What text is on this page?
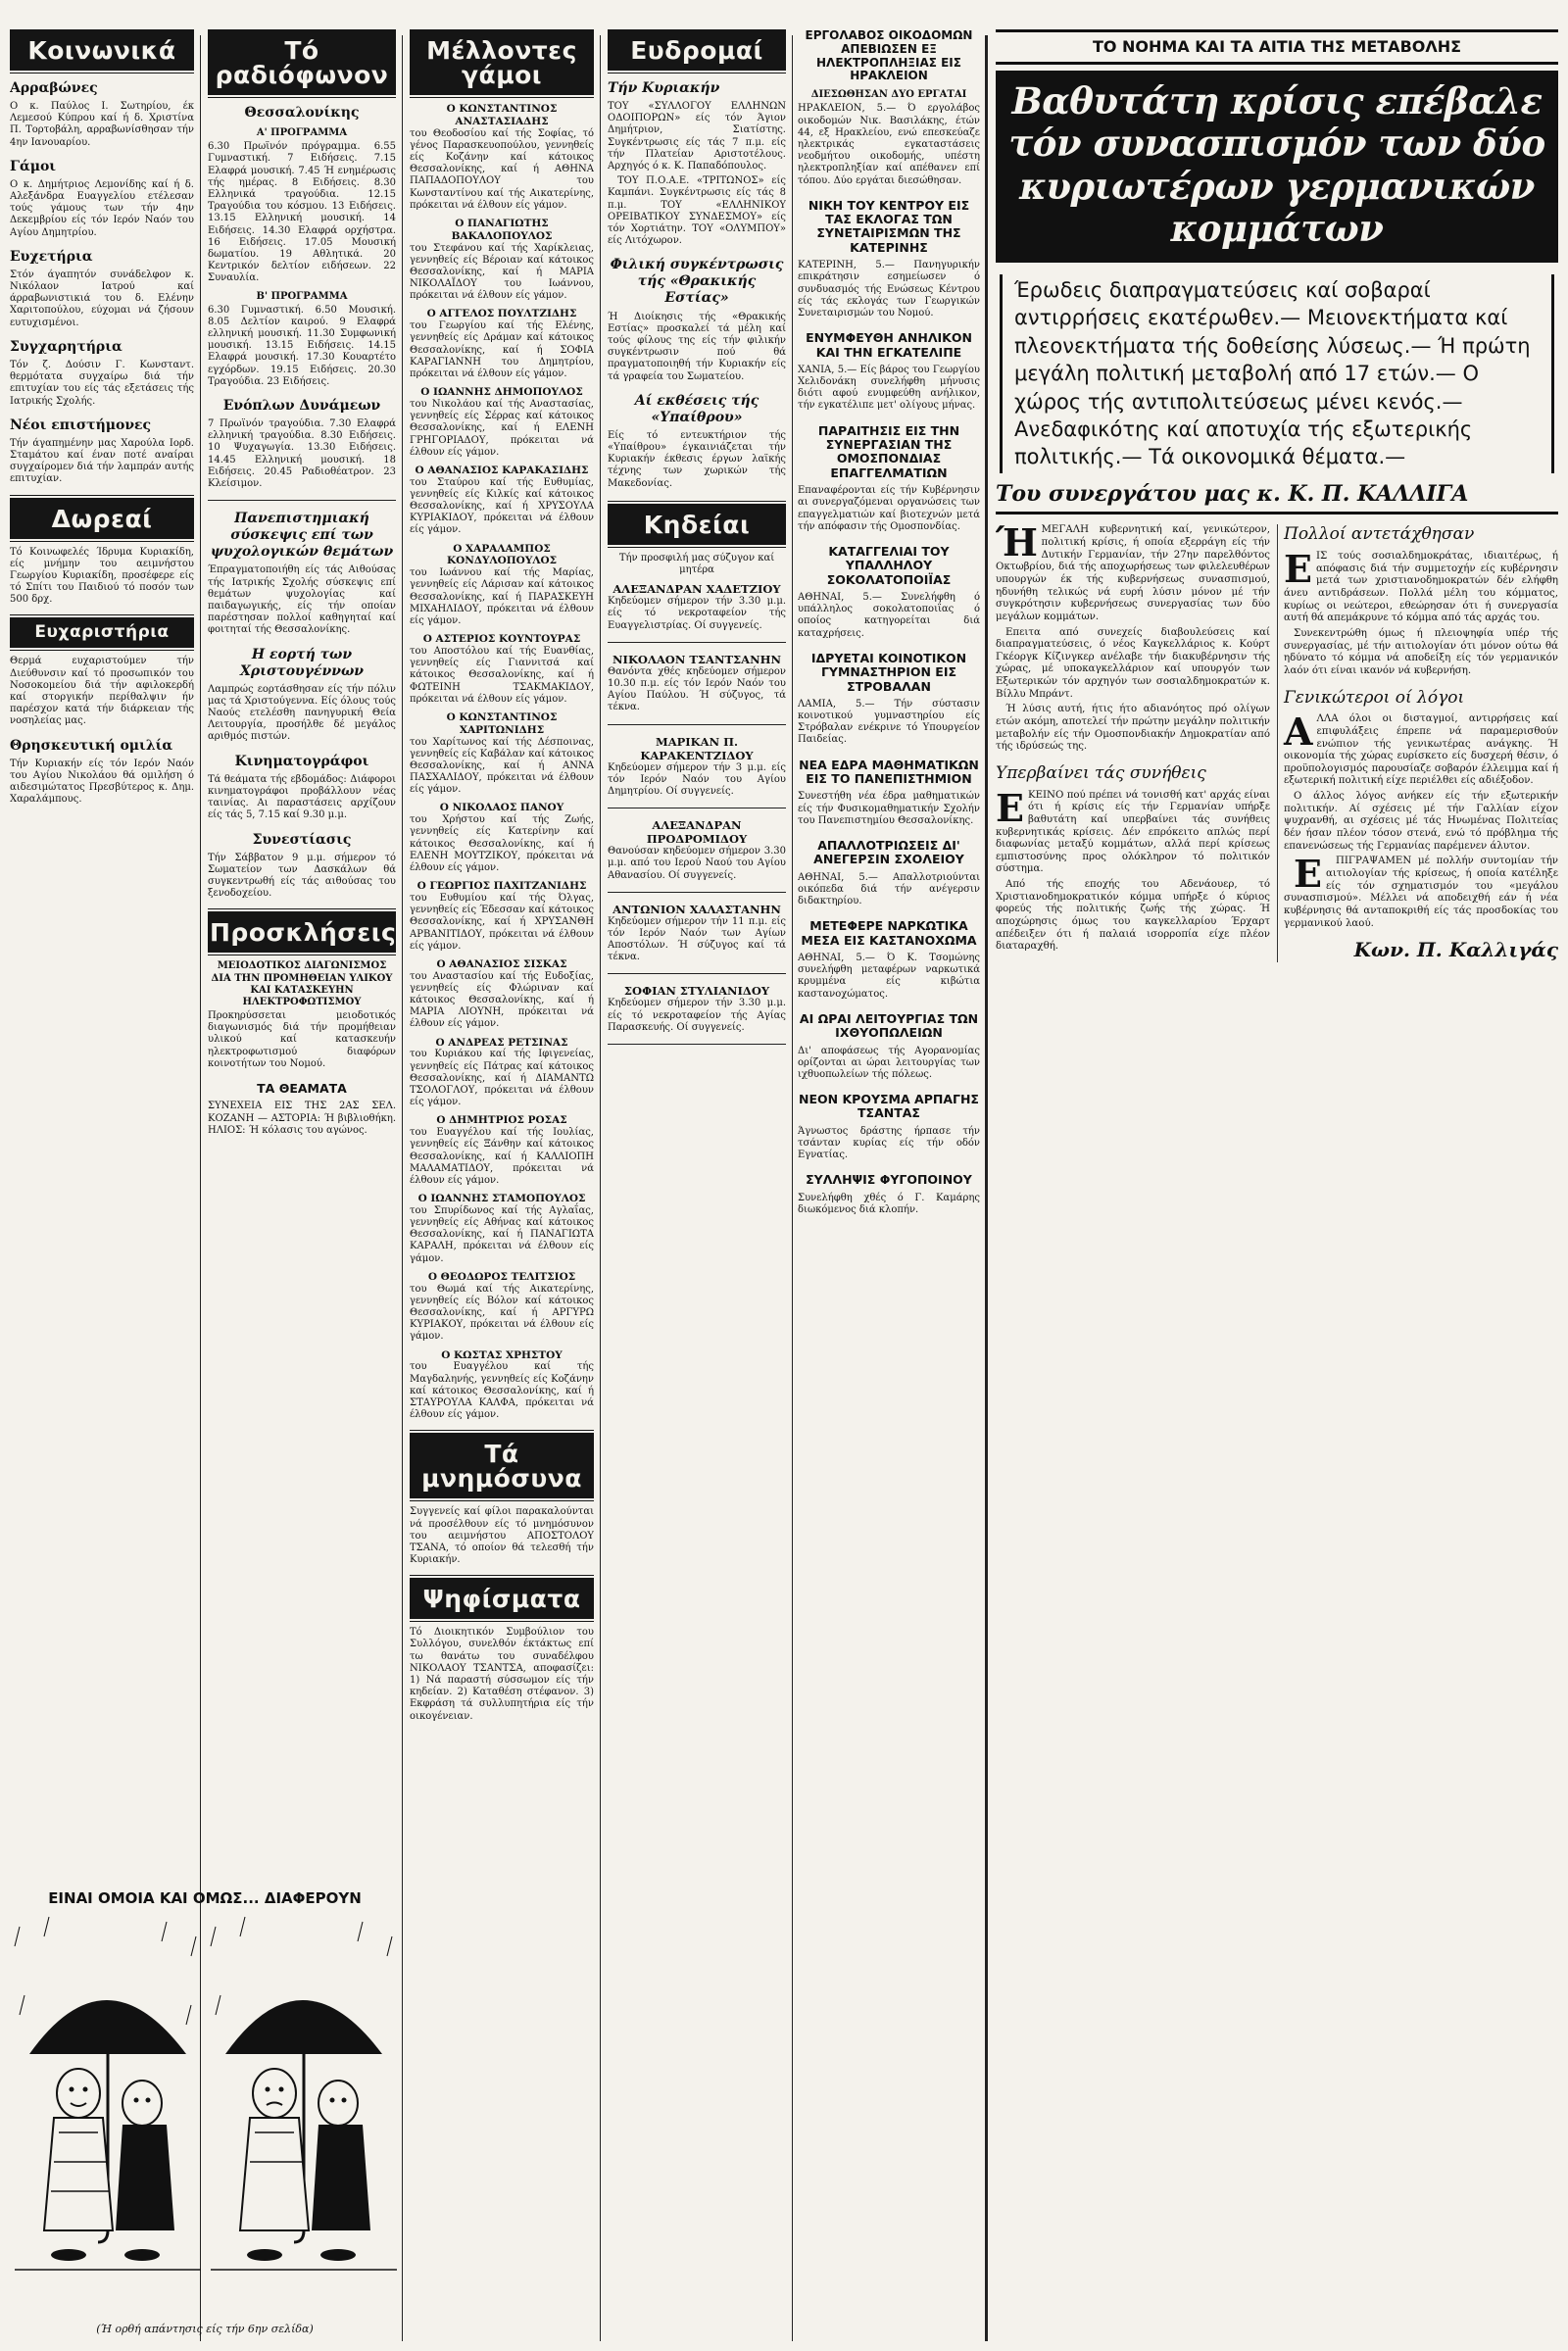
Κοινωνικά
Αρραβώνες

Ο κ. Παύλος Ι. Σωτηρίου, έκ Λεμεσού Κύπρου καί ή δ. Χριστίνα Π. Τορτοβάλη, αρραβωνίσθησαν τήν 4ην Ιανουαρίου.

Γάμοι

Ο κ. Δημήτριος Λεμονίδης καί ή δ. Αλεξάνδρα Ευαγγελίου ετέλεσαν τούς γάμους των τήν 4ην Δεκεμβρίου είς τόν Ιερόν Ναόν του Αγίου Δημητρίου.

Ευχετήρια

Στόν άγαπητόν συνάδελφον κ. Νικόλαον Ιατρού καί άρραβωνιστικιά του δ. Ελένην Χαριτοπούλου, εύχομαι νά ζήσουν ευτυχισμένοι.

Συγχαρητήρια

Τόν ζ. Δούσιν Γ. Κωνσταντ. θερμότατα συγχαίρω διά τήν επιτυχίαν του είς τάς εξετάσεις τής Ιατρικής Σχολής.

Νέοι επιστήμονες

Τήν άγαπημένην μας Χαρούλα Ιορδ. Σταμάτου καί έναν ποτέ αναίραι συγχαίρομεν διά τήν λαμπράν αυτής επιτυχίαν.

Δωρεαί

Τό Κοινωφελές Ίδρυμα Κυριακίδη, είς μνήμην του αειμνήστου Γεωργίου Κυριακίδη, προσέφερε είς τό Σπίτι του Παιδιού τό ποσόν των 500 δρχ.

Ευχαριστήρια

Θερμά ευχαριστούμεν τήν Διεύθυνσιν καί τό προσωπικόν του Νοσοκομείου διά τήν αφιλοκερδή καί στοργικήν περίθαλψιν ήν παρέσχον κατά τήν διάρκειαν τής νοσηλείας μας.

Θρησκευτική ομιλία

Τήν Κυριακήν είς τόν Ιερόν Ναόν του Αγίου Νικολάου θά ομιλήση ό αιδεσιμώτατος Πρεσβύτερος κ. Δημ. Χαραλάμπους.

Τό ραδιόφωνον
Θεσσαλονίκης
Α' ΠΡΟΓΡΑΜΜΑ

6.30 Πρωϊνόν πρόγραμμα. 6.55 Γυμναστική. 7 Ειδήσεις. 7.15 Ελαφρά μουσική. 7.45 Ή ενημέρωσις τής ημέρας. 8 Ειδήσεις. 8.30 Ελληνικά τραγούδια. 12.15 Τραγούδια του κόσμου. 13 Ειδήσεις. 13.15 Ελληνική μουσική. 14 Ειδήσεις. 14.30 Ελαφρά ορχήστρα. 16 Ειδήσεις. 17.05 Μουσική δωματίου. 19 Αθλητικά. 20 Κεντρικόν δελτίον ειδήσεων. 22 Συναυλία.

Β' ΠΡΟΓΡΑΜΜΑ

6.30 Γυμναστική. 6.50 Μουσική. 8.05 Δελτίον καιρού. 9 Ελαφρά ελληνική μουσική. 11.30 Συμφωνική μουσική. 13.15 Ειδήσεις. 14.15 Ελαφρά μουσική. 17.30 Κουαρτέτο εγχόρδων. 19.15 Ειδήσεις. 20.30 Τραγούδια. 23 Ειδήσεις.

Ενόπλων Δυνάμεων

7 Πρωϊνόν τραγούδια. 7.30 Ελαφρά ελληνική τραγούδια. 8.30 Ειδήσεις. 10 Ψυχαγωγία. 13.30 Ειδήσεις. 14.45 Ελληνική μουσική. 18 Ειδήσεις. 20.45 Ραδιοθέατρον. 23 Κλείσιμον.

Πανεπιστημιακή σύσκεψις επί των ψυχολογικών θεμάτων

Έπραγματοποιήθη είς τάς Αιθούσας τής Ιατρικής Σχολής σύσκεψις επί θεμάτων ψυχολογίας καί παιδαγωγικής, είς τήν οποίαν παρέστησαν πολλοί καθηγηταί καί φοιτηταί τής Θεσσαλονίκης.

Η εορτή των Χριστουγέννων

Λαμπρώς εορτάσθησαν είς τήν πόλιν μας τά Χριστούγεννα. Είς όλους τούς Ναούς ετελέσθη πανηγυρική Θεία Λειτουργία, προσήλθε δέ μεγάλος αριθμός πιστών.

Κινηματογράφοι

Τά θεάματα τής εβδομάδος: Διάφοροι κινηματογράφοι προβάλλουν νέας ταινίας. Αι παραστάσεις αρχίζουν είς τάς 5, 7.15 καί 9.30 μ.μ.

Συνεστίασις

Τήν Σάββατον 9 μ.μ. σήμερον τό Σωματείον των Δασκάλων θά συγκεντρωθή είς τάς αιθούσας του ξενοδοχείου.

Προσκλήσεις
ΜΕΙΟΔΟΤΙΚΟΣ ΔΙΑΓΩΝΙΣΜΟΣ ΔΙΑ ΤΗΝ ΠΡΟΜΗΘΕΙΑΝ ΥΛΙΚΟΥ ΚΑΙ ΚΑΤΑΣΚΕΥΗΝ ΗΛΕΚΤΡΟΦΩΤΙΣΜΟΥ

Προκηρύσσεται μειοδοτικός διαγωνισμός διά τήν προμήθειαν υλικού καί κατασκευήν ηλεκτροφωτισμού διαφόρων κοινοτήτων του Νομού.

ΤΑ ΘΕΑΜΑΤΑ

ΣΥΝΕΧΕΙΑ ΕΙΣ ΤΗΣ 2ΑΣ ΣΕΛ. ΚΟΖΑΝΗ — ΑΣΤΟΡΙΑ: Ή βιβλιοθήκη. ΗΛΙΟΣ: Ή κόλασις του αγώνος.

ΕΙΝΑΙ ΟΜΟΙΑ ΚΑΙ ΟΜΩΣ... ΔΙΑΦΕΡΟΥΝ
(Ή ορθή απάντησις είς τήν 6ην σελίδα)
Μέλλοντες γάμοι
Ο ΚΩΝΣΤΑΝΤΙΝΟΣ ΑΝΑΣΤΑΣΙΑΔΗΣ

του Θεοδοσίου καί τής Σοφίας, τό γένος Παρασκευοπούλου, γεννηθείς είς Κοζάνην καί κάτοικος Θεσσαλονίκης, καί ή ΑΘΗΝΑ ΠΑΠΑΔΟΠΟΥΛΟΥ του Κωνσταντίνου καί τής Αικατερίνης, πρόκειται νά έλθουν είς γάμον.

Ο ΠΑΝΑΓΙΩΤΗΣ ΒΑΚΑΛΟΠΟΥΛΟΣ

του Στεφάνου καί τής Χαρίκλειας, γεννηθείς είς Βέροιαν καί κάτοικος Θεσσαλονίκης, καί ή ΜΑΡΙΑ ΝΙΚΟΛΑΪΔΟΥ του Ιωάννου, πρόκειται νά έλθουν είς γάμον.

Ο ΑΓΓΕΛΟΣ ΠΟΥΛΤΖΙΔΗΣ

του Γεωργίου καί τής Ελένης, γεννηθείς είς Δράμαν καί κάτοικος Θεσσαλονίκης, καί ή ΣΟΦΙΑ ΚΑΡΑΓΙΑΝΝΗ του Δημητρίου, πρόκειται νά έλθουν είς γάμον.

Ο ΙΩΑΝΝΗΣ ΔΗΜΟΠΟΥΛΟΣ

του Νικολάου καί τής Αναστασίας, γεννηθείς είς Σέρρας καί κάτοικος Θεσσαλονίκης, καί ή ΕΛΕΝΗ ΓΡΗΓΟΡΙΑΔΟΥ, πρόκειται νά έλθουν είς γάμον.

Ο ΑΘΑΝΑΣΙΟΣ ΚΑΡΑΚΑΣΙΔΗΣ

του Σταύρου καί τής Ευθυμίας, γεννηθείς είς Κιλκίς καί κάτοικος Θεσσαλονίκης, καί ή ΧΡΥΣΟΥΛΑ ΚΥΡΙΑΚΙΔΟΥ, πρόκειται νά έλθουν είς γάμον.

Ο ΧΑΡΑΛΑΜΠΟΣ ΚΟΝΔΥΛΟΠΟΥΛΟΣ

του Ιωάννου καί τής Μαρίας, γεννηθείς είς Λάρισαν καί κάτοικος Θεσσαλονίκης, καί ή ΠΑΡΑΣΚΕΥΗ ΜΙΧΑΗΛΙΔΟΥ, πρόκειται νά έλθουν είς γάμον.

Ο ΑΣΤΕΡΙΟΣ ΚΟΥΝΤΟΥΡΑΣ

του Αποστόλου καί τής Ευανθίας, γεννηθείς είς Γιαννιτσά καί κάτοικος Θεσσαλονίκης, καί ή ΦΩΤΕΙΝΗ ΤΣΑΚΜΑΚΙΔΟΥ, πρόκειται νά έλθουν είς γάμον.

Ο ΚΩΝΣΤΑΝΤΙΝΟΣ ΧΑΡΙΤΩΝΙΔΗΣ

του Χαρίτωνος καί τής Δέσποινας, γεννηθείς είς Καβάλαν καί κάτοικος Θεσσαλονίκης, καί ή ΑΝΝΑ ΠΑΣΧΑΛΙΔΟΥ, πρόκειται νά έλθουν είς γάμον.

Ο ΝΙΚΟΛΑΟΣ ΠΑΝΟΥ

του Χρήστου καί τής Ζωής, γεννηθείς είς Κατερίνην καί κάτοικος Θεσσαλονίκης, καί ή ΕΛΕΝΗ ΜΟΥΤΖΙΚΟΥ, πρόκειται νά έλθουν είς γάμον.

Ο ΓΕΩΡΓΙΟΣ ΠΑΧΙΤΖΑΝΙΔΗΣ

του Ευθυμίου καί τής Όλγας, γεννηθείς είς Έδεσσαν καί κάτοικος Θεσσαλονίκης, καί ή ΧΡΥΣΑΝΘΗ ΑΡΒΑΝΙΤΙΔΟΥ, πρόκειται νά έλθουν είς γάμον.

Ο ΑΘΑΝΑΣΙΟΣ ΣΙΣΚΑΣ

του Αναστασίου καί τής Ευδοξίας, γεννηθείς είς Φλώριναν καί κάτοικος Θεσσαλονίκης, καί ή ΜΑΡΙΑ ΛΙΟΥΝΗ, πρόκειται νά έλθουν είς γάμον.

Ο ΑΝΔΡΕΑΣ ΡΕΤΣΙΝΑΣ

του Κυριάκου καί τής Ιφιγενείας, γεννηθείς είς Πάτρας καί κάτοικος Θεσσαλονίκης, καί ή ΔΙΑΜΑΝΤΩ ΤΣΟΛΟΓΛΟΥ, πρόκειται νά έλθουν είς γάμον.

Ο ΔΗΜΗΤΡΙΟΣ ΡΟΣΑΣ

του Ευαγγέλου καί τής Ιουλίας, γεννηθείς είς Ξάνθην καί κάτοικος Θεσσαλονίκης, καί ή ΚΑΛΛΙΟΠΗ ΜΑΛΑΜΑΤΙΔΟΥ, πρόκειται νά έλθουν είς γάμον.

Ο ΙΩΑΝΝΗΣ ΣΤΑΜΟΠΟΥΛΟΣ

του Σπυρίδωνος καί τής Αγλαΐας, γεννηθείς είς Αθήνας καί κάτοικος Θεσσαλονίκης, καί ή ΠΑΝΑΓΙΩΤΑ ΚΑΡΑΛΗ, πρόκειται νά έλθουν είς γάμον.

Ο ΘΕΟΔΩΡΟΣ ΤΕΛΙΤΣΙΟΣ

του Θωμά καί τής Αικατερίνης, γεννηθείς είς Βόλον καί κάτοικος Θεσσαλονίκης, καί ή ΑΡΓΥΡΩ ΚΥΡΙΑΚΟΥ, πρόκειται νά έλθουν είς γάμον.

Ο ΚΩΣΤΑΣ ΧΡΗΣΤΟΥ

του Ευαγγέλου καί τής Μαγδαληνής, γεννηθείς είς Κοζάνην καί κάτοικος Θεσσαλονίκης, καί ή ΣΤΑΥΡΟΥΛΑ ΚΑΛΦΑ, πρόκειται νά έλθουν είς γάμον.

Τά μνημόσυνα

Συγγενείς καί φίλοι παρακαλούνται νά προσέλθουν είς τό μνημόσυνον του αειμνήστου ΑΠΟΣΤΟΛΟΥ ΤΣΑΝΑ, τό οποίον θά τελεσθή τήν Κυριακήν.

Ψηφίσματα

Τό Διοικητικόν Συμβούλιον του Συλλόγου, συνελθόν έκτάκτως επί τω θανάτω του συναδέλφου ΝΙΚΟΛΑΟΥ ΤΣΑΝΤΣΑ, αποφασίζει: 1) Νά παραστή σύσσωμον είς τήν κηδείαν. 2) Καταθέση στέφανον. 3) Εκφράση τά συλλυπητήρια είς τήν οικογένειαν.

Ευδρομαί
Τήν Κυριακήν

ΤΟΥ «ΣΥΛΛΟΓΟΥ ΕΛΛΗΝΩΝ ΟΔΟΙΠΟΡΩΝ» είς τόν Άγιον Δημήτριον, Σιατίστης. Συγκέντρωσις είς τάς 7 π.μ. είς τήν Πλατείαν Αριστοτέλους. Αρχηγός ό κ. Κ. Παπαδόπουλος.

ΤΟΥ Π.Ο.Α.Ε. «ΤΡΙΤΩΝΟΣ» είς Καμπάνι. Συγκέντρωσις είς τάς 8 π.μ. ΤΟΥ «ΕΛΛΗΝΙΚΟΥ ΟΡΕΙΒΑΤΙΚΟΥ ΣΥΝΔΕΣΜΟΥ» είς τόν Χορτιάτην. ΤΟΥ «ΟΛΥΜΠΟΥ» είς Λιτόχωρον.

Φιλική συγκέντρωσις τής «Θρακικής Εστίας»

Ή Διοίκησις τής «Θρακικής Εστίας» προσκαλεί τά μέλη καί τούς φίλους της είς τήν φιλικήν συγκέντρωσιν πού θά πραγματοποιηθή τήν Κυριακήν είς τά γραφεία του Σωματείου.

Αί εκθέσεις τής «Υπαίθρου»

Είς τό εντευκτήριον τής «Υπαίθρου» έγκαινιάζεται τήν Κυριακήν έκθεσις έργων λαϊκής τέχνης των χωρικών τής Μακεδονίας.

Κηδείαι

Τήν προσφιλή μας σύζυγον καί μητέρα

ΑΛΕΞΑΝΔΡΑΝ ΧΑΔΕΤΖΙΟΥ

Κηδεύομεν σήμερον τήν 3.30 μ.μ. είς τό νεκροταφείον τής Ευαγγελιστρίας. Οί συγγενείς.

ΝΙΚΟΛΑΟΝ ΤΣΑΝΤΣΑΝΗΝ

Θανόντα χθές κηδεύομεν σήμερον 10.30 π.μ. είς τόν Ιερόν Ναόν του Αγίου Παύλου. Ή σύζυγος, τά τέκνα.

ΜΑΡΙΚΑΝ Π. ΚΑΡΑΚΕΝΤΖΙΔΟΥ

Κηδεύομεν σήμερον τήν 3 μ.μ. είς τόν Ιερόν Ναόν του Αγίου Δημητρίου. Οί συγγενείς.

ΑΛΕΞΑΝΔΡΑΝ ΠΡΟΔΡΟΜΙΔΟΥ

Θανούσαν κηδεύομεν σήμερον 3.30 μ.μ. από του Ιερού Ναού του Αγίου Αθανασίου. Οί συγγενείς.

ΑΝΤΩΝΙΟΝ ΧΑΛΑΣΤΑΝΗΝ

Κηδεύομεν σήμερον τήν 11 π.μ. είς τόν Ιερόν Ναόν των Αγίων Αποστόλων. Ή σύζυγος καί τά τέκνα.

ΣΟΦΙΑΝ ΣΤΥΛΙΑΝΙΔΟΥ

Κηδεύομεν σήμερον τήν 3.30 μ.μ. είς τό νεκροταφείον τής Αγίας Παρασκευής. Οί συγγενείς.

ΕΡΓΟΛΑΒΟΣ ΟΙΚΟΔΟΜΩΝ ΑΠΕΒΙΩΣΕΝ ΕΞ ΗΛΕΚΤΡΟΠΛΗΞΙΑΣ ΕΙΣ ΗΡΑΚΛΕΙΟΝ
ΔΙΕΣΩΘΗΣΑΝ ΔΥΟ ΕΡΓΑΤΑΙ

ΗΡΑΚΛΕΙΟΝ, 5.— Ό εργολάβος οικοδομών Νικ. Βασιλάκης, έτών 44, εξ Ηρακλείου, ενώ επεσκεύαζε ηλεκτρικάς εγκαταστάσεις νεοδμήτου οικοδομής, υπέστη ηλεκτροπληξίαν καί απέθανεν επί τόπου. Δύο εργάται διεσώθησαν.

ΝΙΚΗ ΤΟΥ ΚΕΝΤΡΟΥ ΕΙΣ ΤΑΣ ΕΚΛΟΓΑΣ ΤΩΝ ΣΥΝΕΤΑΙΡΙΣΜΩΝ ΤΗΣ ΚΑΤΕΡΙΝΗΣ

ΚΑΤΕΡΙΝΗ, 5.— Πανηγυρικήν επικράτησιν εσημείωσεν ό συνδυασμός τής Ενώσεως Κέντρου είς τάς εκλογάς των Γεωργικών Συνεταιρισμών του Νομού.

ΕΝΥΜΦΕΥΘΗ ΑΝΗΛΙΚΟΝ ΚΑΙ ΤΗΝ ΕΓΚΑΤΕΛΙΠΕ

ΧΑΝΙΑ, 5.— Είς βάρος του Γεωργίου Χελιδονάκη συνελήφθη μήνυσις διότι αφού ενυμφεύθη ανήλικον, τήν εγκατέλιπε μετ' ολίγους μήνας.

ΠΑΡΑΙΤΗΣΙΣ ΕΙΣ ΤΗΝ ΣΥΝΕΡΓΑΣΙΑΝ ΤΗΣ ΟΜΟΣΠΟΝΔΙΑΣ ΕΠΑΓΓΕΛΜΑΤΙΩΝ

Επαναφέρονται είς τήν Κυβέρνησιν αι συνεργαζόμεναι οργανώσεις των επαγγελματιών καί βιοτεχνών μετά τήν απόφασιν τής Ομοσπονδίας.

ΚΑΤΑΓΓΕΛΙΑΙ ΤΟΥ ΥΠΑΛΛΗΛΟΥ ΣΟΚΟΛΑΤΟΠΟΙΪΑΣ

ΑΘΗΝΑΙ, 5.— Συνελήφθη ό υπάλληλος σοκολατοποιΐας ό οποίος κατηγορείται διά καταχρήσεις.

ΙΔΡΥΕΤΑΙ ΚΟΙΝΟΤΙΚΟΝ ΓΥΜΝΑΣΤΗΡΙΟΝ ΕΙΣ ΣΤΡΟΒΑΛΑΝ

ΛΑΜΙΑ, 5.— Τήν σύστασιν κοινοτικού γυμναστηρίου είς Στρόβαλαν ενέκρινε τό Υπουργείον Παιδείας.

ΝΕΑ ΕΔΡΑ ΜΑΘΗΜΑΤΙΚΩΝ ΕΙΣ ΤΟ ΠΑΝΕΠΙΣΤΗΜΙΟΝ

Συνεστήθη νέα έδρα μαθηματικών είς τήν Φυσικομαθηματικήν Σχολήν του Πανεπιστημίου Θεσσαλονίκης.

ΑΠΑΛΛΟΤΡΙΩΣΕΙΣ ΔΙ' ΑΝΕΓΕΡΣΙΝ ΣΧΟΛΕΙΟΥ

ΑΘΗΝΑΙ, 5.— Απαλλοτριούνται οικόπεδα διά τήν ανέγερσιν διδακτηρίου.

ΜΕΤΕΦΕΡΕ ΝΑΡΚΩΤΙΚΑ ΜΕΣΑ ΕΙΣ ΚΑΣΤΑΝΟΧΩΜΑ

ΑΘΗΝΑΙ, 5.— Ό Κ. Τσομώνης συνελήφθη μεταφέρων ναρκωτικά κρυμμένα είς κιβώτια καστανοχώματος.

ΑΙ ΩΡΑΙ ΛΕΙΤΟΥΡΓΙΑΣ ΤΩΝ ΙΧΘΥΟΠΩΛΕΙΩΝ

Δι' αποφάσεως τής Αγορανομίας ορίζονται αι ώραι λειτουργίας των ιχθυοπωλείων τής πόλεως.

ΝΕΟΝ ΚΡΟΥΣΜΑ ΑΡΠΑΓΗΣ ΤΣΑΝΤΑΣ

Άγνωστος δράστης ήρπασε τήν τσάνταν κυρίας είς τήν οδόν Εγνατίας.

ΣΥΛΛΗΨΙΣ ΦΥΓΟΠΟΙΝΟΥ

Συνελήφθη χθές ό Γ. Καμάρης διωκόμενος διά κλοπήν.

ΤΟ ΝΟΗΜΑ ΚΑΙ ΤΑ ΑΙΤΙΑ ΤΗΣ ΜΕΤΑΒΟΛΗΣ
Βαθυτάτη κρίσις επέβαλε τόν συνασπισμόν των δύο κυριωτέρων γερμανικών κομμάτων
Έρωδεις διαπραγματεύσεις καί σοβαραί αντιρρήσεις εκατέρωθεν.— Μειονεκτήματα καί πλεονεκτήματα τής δοθείσης λύσεως.— Ή πρώτη μεγάλη πολιτική μεταβολή από 17 ετών.— Ο χώρος τής αντιπολιτεύσεως μένει κενός.— Ανεδαφικότης καί αποτυχία τής εξωτερικής πολιτικής.— Τά οικονομικά θέματα.—
Του συνεργάτου μας κ. Κ. Π. ΚΑΛΛΙΓΑ

ΉΜΕΓΑΛΗ κυβερνητική καί, γενικώτερον, πολιτική κρίσις, ή οποία εξερράγη είς τήν Δυτικήν Γερμανίαν, τήν 27ην παρελθόντος Οκτωβρίου, διά τής αποχωρήσεως των φιλελευθέρων υπουργών έκ τής κυβερνήσεως συνασπισμού, ηδυνήθη τελικώς νά ευρή λύσιν μόνον μέ τήν συγκρότησιν κυβερνήσεως συνεργασίας των δύο μεγάλων κομμάτων.

Επειτα από συνεχείς διαβουλεύσεις καί διαπραγματεύσεις, ό νέος Καγκελλάριος κ. Κούρτ Γκέοργκ Κίζινγκερ ανέλαβε τήν διακυβέρνησιν τής χώρας, μέ υποκαγκελλάριον καί υπουργόν των Εξωτερικών τόν αρχηγόν των σοσιαλδημοκρατών κ. Βίλλυ Μπράντ.

Ή λύσις αυτή, ήτις ήτο αδιανόητος πρό ολίγων ετών ακόμη, αποτελεί τήν πρώτην μεγάλην πολιτικήν μεταβολήν είς τήν Ομοσπονδιακήν Δημοκρατίαν από τής ιδρύσεώς της.

Υπερβαίνει τάς συνήθεις

ΕΚΕΙΝΟ πού πρέπει νά τονισθή κατ' αρχάς είναι ότι ή κρίσις είς τήν Γερμανίαν υπήρξε βαθυτάτη καί υπερβαίνει τάς συνήθεις κυβερνητικάς κρίσεις. Δέν επρόκειτο απλώς περί διαφωνίας μεταξύ κομμάτων, αλλά περί κρίσεως εμπιστοσύνης προς ολόκληρον τό πολιτικόν σύστημα.

Από τής εποχής του Αδενάουερ, τό Χριστιανοδημοκρατικόν κόμμα υπήρξε ό κύριος φορεύς τής πολιτικής ζωής τής χώρας. Ή αποχώρησις όμως του καγκελλαρίου Έρχαρτ απέδειξεν ότι ή παλαιά ισορροπία είχε πλέον διαταραχθή.

Πολλοί αντετάχθησαν

ΕΙΣ τούς σοσιαλδημοκράτας, ιδιαιτέρως, ή απόφασις διά τήν συμμετοχήν είς κυβέρνησιν μετά των χριστιανοδημοκρατών δέν ελήφθη άνευ αντιδράσεων. Πολλά μέλη του κόμματος, κυρίως οι νεώτεροι, εθεώρησαν ότι ή συνεργασία αυτή θά απεμάκρυνε τό κόμμα από τάς αρχάς του.

Συνεκεντρώθη όμως ή πλειοψηφία υπέρ τής συνεργασίας, μέ τήν αιτιολογίαν ότι μόνον ούτω θά ηδύνατο τό κόμμα νά αποδείξη είς τόν γερμανικόν λαόν ότι είναι ικανόν νά κυβερνήση.

Γενικώτεροι οί λόγοι

ΑΛΛΑ όλοι οι δισταγμοί, αντιρρήσεις καί επιφυλάξεις έπρεπε νά παραμερισθούν ενώπιον τής γενικωτέρας ανάγκης. Ή οικονομία τής χώρας ευρίσκετο είς δυσχερή θέσιν, ό προϋπολογισμός παρουσίαζε σοβαρόν έλλειμμα καί ή εξωτερική πολιτική είχε περιέλθει είς αδιέξοδον.

Ο άλλος λόγος ανήκεν είς τήν εξωτερικήν πολιτικήν. Αί σχέσεις μέ τήν Γαλλίαν είχον ψυχρανθή, αι σχέσεις μέ τάς Ηνωμένας Πολιτείας δέν ήσαν πλέον τόσον στενά, ενώ τό πρόβλημα τής επανενώσεως τής Γερμανίας παρέμενεν άλυτον.

ΕΠΙΓΡΑΨΑΜΕΝ μέ πολλήν συντομίαν τήν αιτιολογίαν τής κρίσεως, ή οποία κατέληξε είς τόν σχηματισμόν του «μεγάλου συνασπισμού». Μέλλει νά αποδειχθή εάν ή νέα κυβέρνησις θά ανταποκριθή είς τάς προσδοκίας του γερμανικού λαού.

Κων. Π. Καλλιγάς
